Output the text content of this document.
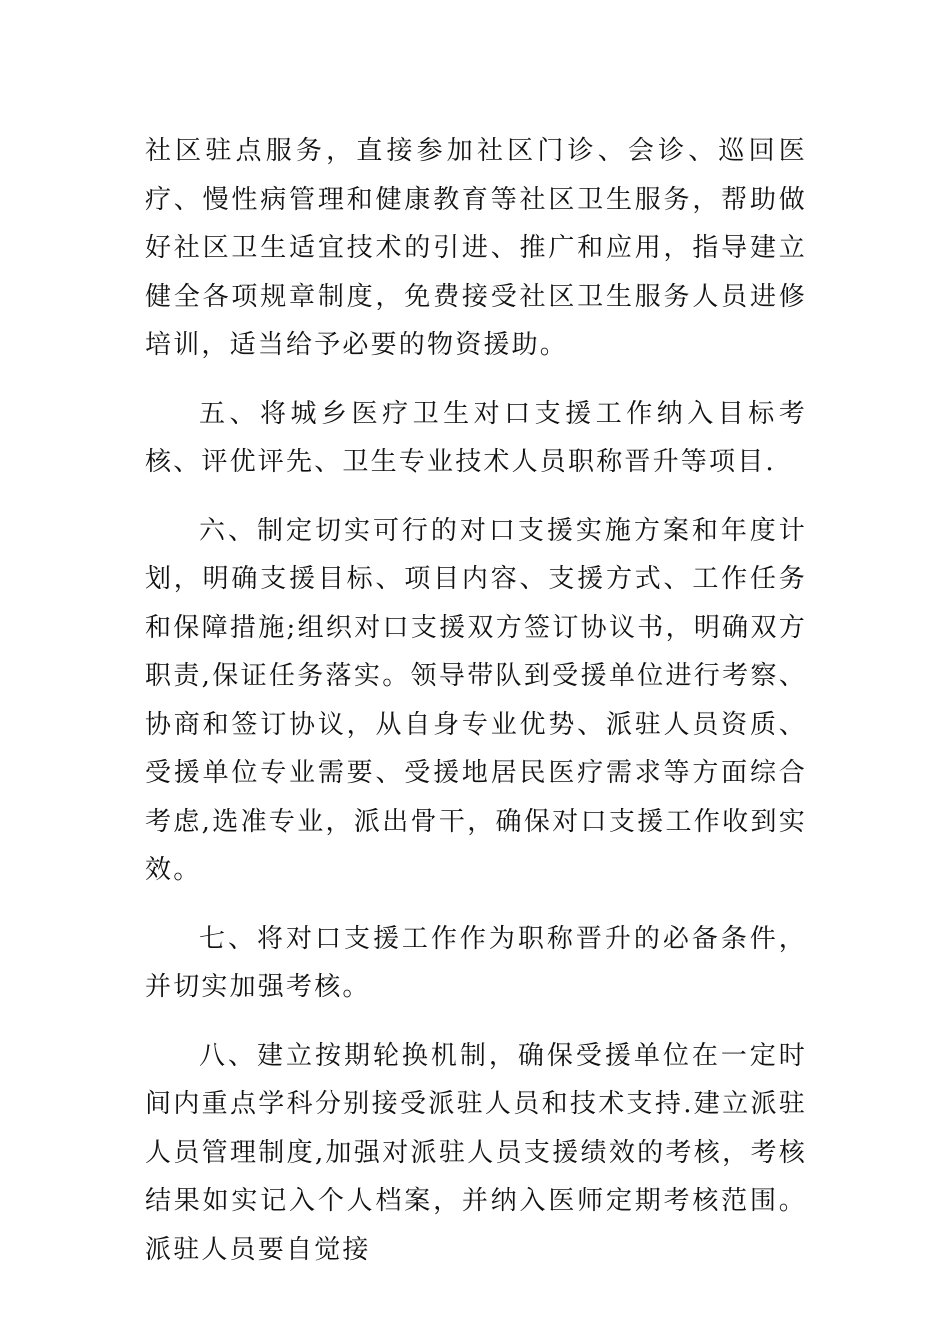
社区驻点服务，直接参加社区门诊、会诊、巡回医疗、慢性病管理和健康教育等社区卫生服务，帮助做好社区卫生适宜技术的引进、推广和应用，指导建立健全各项规章制度，免费接受社区卫生服务人员进修培训，适当给予必要的物资援助。

五、将城乡医疗卫生对口支援工作纳入目标考核、评优评先、卫生专业技术人员职称晋升等项目.

六、制定切实可行的对口支援实施方案和年度计划，明确支援目标、项目内容、支援方式、工作任务和保障措施;组织对口支援双方签订协议书，明确双方职责,保证任务落实。领导带队到受援单位进行考察、协商和签订协议，从自身专业优势、派驻人员资质、受援单位专业需要、受援地居民医疗需求等方面综合考虑,选准专业，派出骨干，确保对口支援工作收到实效。

七、将对口支援工作作为职称晋升的必备条件，并切实加强考核。

八、建立按期轮换机制，确保受援单位在一定时间内重点学科分别接受派驻人员和技术支持.建立派驻人员管理制度,加强对派驻人员支援绩效的考核，考核结果如实记入个人档案，并纳入医师定期考核范围。派驻人员要自觉接
